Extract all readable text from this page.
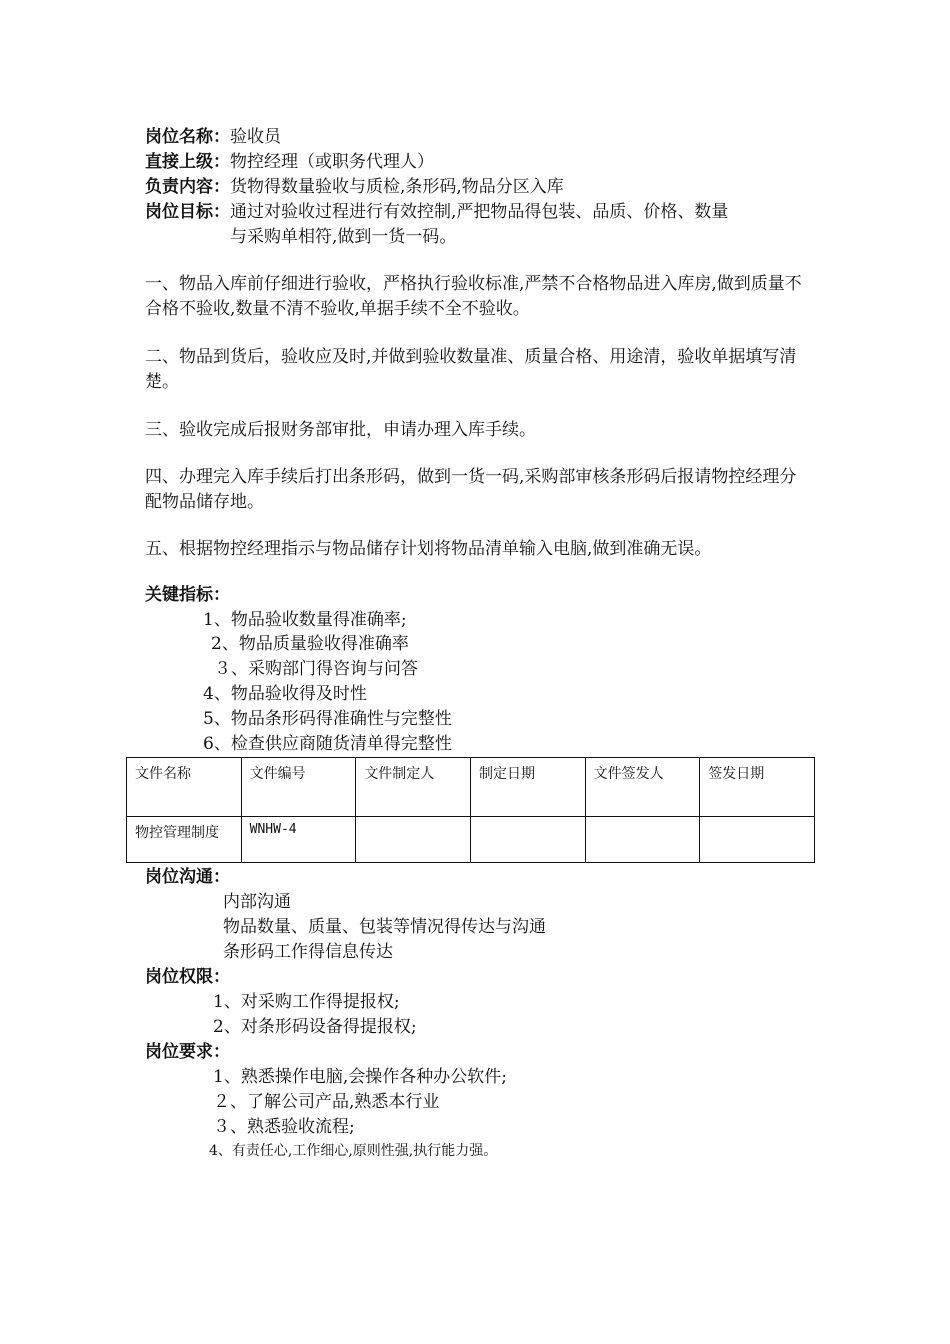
岗位名称：验收员
直接上级：物控经理（或职务代理人）
负责内容：货物得数量验收与质检,条形码,物品分区入库
岗位目标：通过对验收过程进行有效控制,严把物品得包装、品质、价格、数量
与采购单相符,做到一货一码。
一、物品入库前仔细进行验收，严格执行验收标准,严禁不合格物品进入库房,做到质量不合格不验收,数量不清不验收,单据手续不全不验收。
二、物品到货后，验收应及时,并做到验收数量准、质量合格、用途清，验收单据填写清楚。
三、验收完成后报财务部审批，申请办理入库手续。
四、办理完入库手续后打出条形码，做到一货一码,采购部审核条形码后报请物控经理分配物品储存地。
五、根据物控经理指示与物品储存计划将物品清单输入电脑,做到准确无误。
关键指标：
1、物品验收数量得准确率;
2、物品质量验收得准确率
３、采购部门得咨询与问答
4、物品验收得及时性
5、物品条形码得准确性与完整性
6、检查供应商随货清单得完整性
文件名称	文件编号	文件制定人	制定日期	文件签发人	签发日期
物控管理制度	WNHW-4				
岗位沟通：
内部沟通
物品数量、质量、包装等情况得传达与沟通
条形码工作得信息传达
岗位权限：
1、对采购工作得提报权;
2、对条形码设备得提报权;
岗位要求：
1、熟悉操作电脑,会操作各种办公软件;
２、了解公司产品,熟悉本行业
３、熟悉验收流程;
4、有责任心,工作细心,原则性强,执行能力强。
